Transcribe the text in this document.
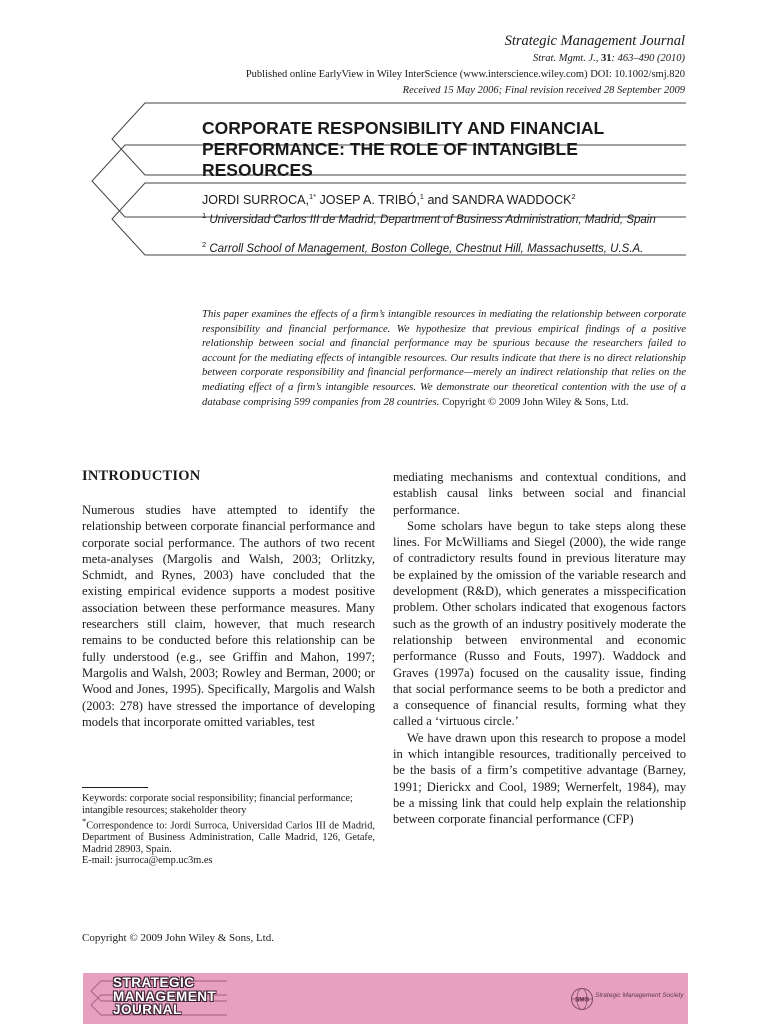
Strategic Management Journal
Strat. Mgmt. J., 31: 463–490 (2010)
Published online EarlyView in Wiley InterScience (www.interscience.wiley.com) DOI: 10.1002/smj.820
Received 15 May 2006; Final revision received 28 September 2009
CORPORATE RESPONSIBILITY AND FINANCIAL PERFORMANCE: THE ROLE OF INTANGIBLE RESOURCES
JORDI SURROCA,$^{1*}$ JOSEP A. TRIBÓ,$^1$ and SANDRA WADDOCK$^2$
$^1$ Universidad Carlos III de Madrid, Department of Business Administration, Madrid, Spain
$^2$ Carroll School of Management, Boston College, Chestnut Hill, Massachusetts, U.S.A.

This paper examines the effects of a firm’s intangible resources in mediating the relationship between corporate responsibility and financial performance. We hypothesize that previous empirical findings of a positive relationship between social and financial performance may be spurious because the researchers failed to account for the mediating effects of intangible resources. Our results indicate that there is no direct relationship between corporate responsibility and financial performance—merely an indirect relationship that relies on the mediating effect of a firm’s intangible resources. We demonstrate our theoretical contention with the use of a database comprising 599 companies from 28 countries. Copyright © 2009 John Wiley & Sons, Ltd.

INTRODUCTION

Numerous studies have attempted to identify the relationship between corporate financial performance and corporate social performance. The authors of two recent meta-analyses (Margolis and Walsh, 2003; Orlitzky, Schmidt, and Rynes, 2003) have concluded that the existing empirical evidence supports a modest positive association between these performance measures. Many researchers still claim, however, that much research remains to be conducted before this relationship can be fully understood (e.g., see Griffin and Mahon, 1997; Margolis and Walsh, 2003; Rowley and Berman, 2000; or Wood and Jones, 1995). Specifically, Margolis and Walsh (2003: 278) have stressed the importance of developing models that incorporate omitted variables, test

mediating mechanisms and contextual conditions, and establish causal links between social and financial performance.

Some scholars have begun to take steps along these lines. For McWilliams and Siegel (2000), the wide range of contradictory results found in previous literature may be explained by the omission of the variable research and development (R&D), which generates a misspecification problem. Other scholars indicated that exogenous factors such as the growth of an industry positively moderate the relationship between environmental and economic performance (Russo and Fouts, 1997). Waddock and Graves (1997a) focused on the causality issue, finding that social performance seems to be both a predictor and a consequence of financial results, forming what they called a ‘virtuous circle.’

We have drawn upon this research to propose a model in which intangible resources, traditionally perceived to be the basis of a firm’s competitive advantage (Barney, 1991; Dierickx and Cool, 1989; Wernerfelt, 1984), may be a missing link that could help explain the relationship between corporate financial performance (CFP)

Keywords: corporate social responsibility; financial performance; intangible resources; stakeholder theory
*Correspondence to: Jordi Surroca, Universidad Carlos III de Madrid, Department of Business Administration, Calle Madrid, 126, Getafe, Madrid 28903, Spain.
E-mail: jsurroca@emp.uc3m.es
Copyright © 2009 John Wiley & Sons, Ltd.
STRATEGIC
MANAGEMENT
JOURNAL
SMS
Strategic Management Society
